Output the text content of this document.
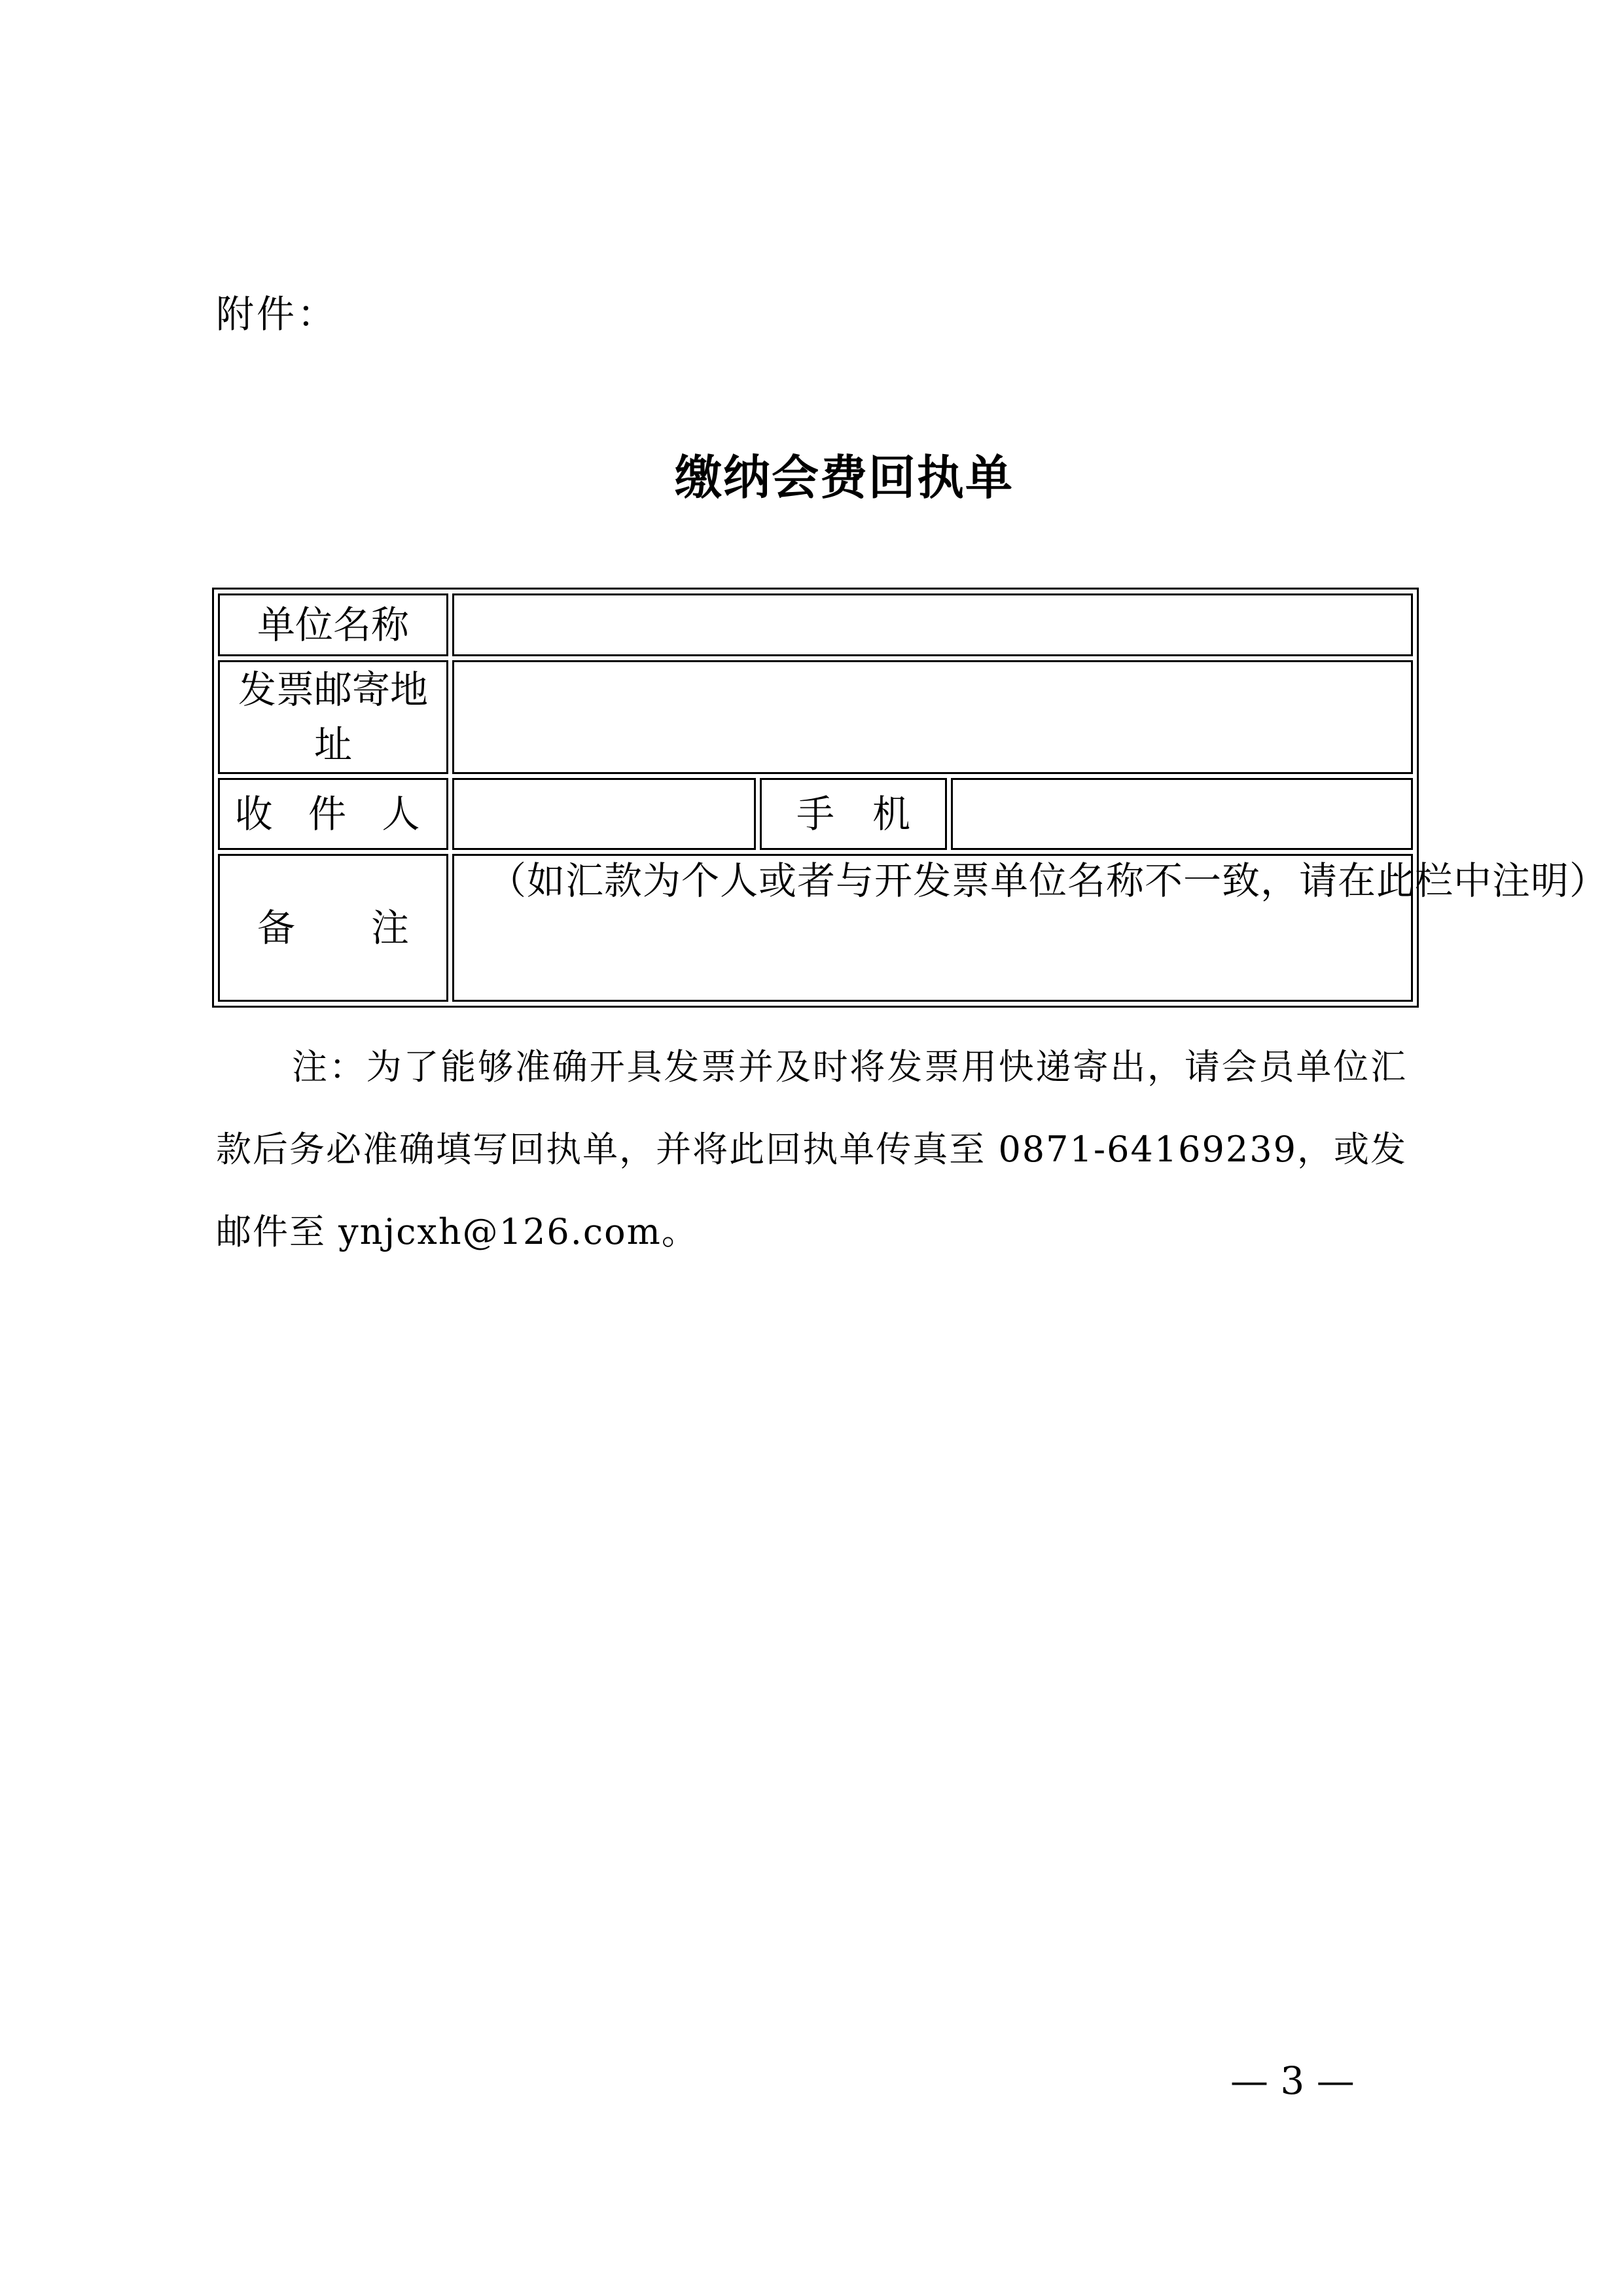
附件：
缴纳会费回执单
单位名称			
发票邮寄地址			
收 件 人		手　机	
备　　注	（如汇款为个人或者与开发票单位名称不一致，请在此栏中注明）		
注：为了能够准确开具发票并及时将发票用快递寄出，请会员单位汇款后务必准确填写回执单，并将此回执单传真至 0871-64169239，或发邮件至 ynjcxh@126.com。
— 3 —
